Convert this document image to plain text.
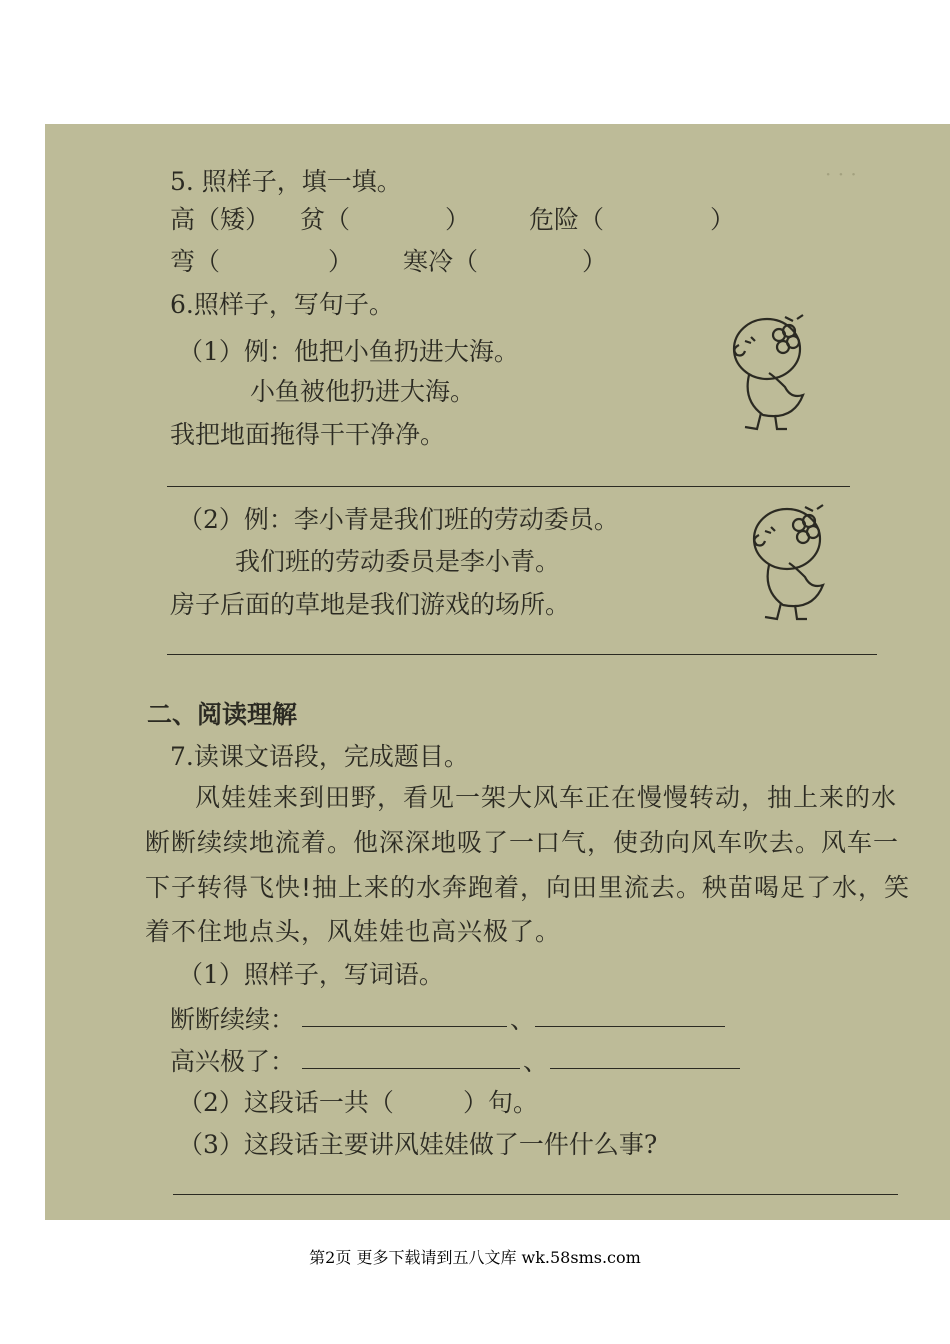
· · ·
5. 照样子，填一填。
高（矮） 贫（	） 危险（	）
弯（	） 寒冷（	）
6.照样子，写句子。
（1）例：他把小鱼扔进大海。
小鱼被他扔进大海。
我把地面拖得干干净净。
（2）例：李小青是我们班的劳动委员。
我们班的劳动委员是李小青。
房子后面的草地是我们游戏的场所。
二、阅读理解
7.读课文语段，完成题目。
风娃娃来到田野，看见一架大风车正在慢慢转动，抽上来的水
断断续续地流着。他深深地吸了一口气，使劲向风车吹去。风车一
下子转得飞快!抽上来的水奔跑着，向田里流去。秧苗喝足了水，笑
着不住地点头，风娃娃也高兴极了。
（1）照样子，写词语。
断断续续：	、
高兴极了：	、
（2）这段话一共（	）句。
（3）这段话主要讲风娃娃做了一件什么事?
第2页 更多下载请到五八文库 wk.58sms.com
